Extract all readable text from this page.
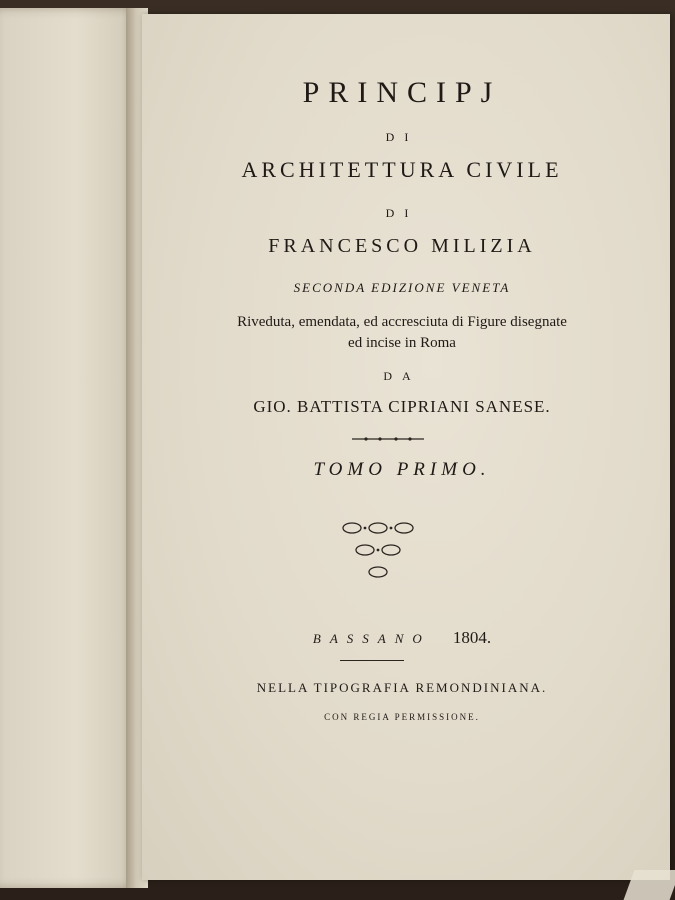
PRINCIPJ
DI
ARCHITETTURA CIVILE
DI
FRANCESCO MILIZIA
SECONDA EDIZIONE VENETA
Riveduta, emendata, ed accresciuta di Figure disegnate
ed incise in Roma
DA
GIO. BATTISTA CIPRIANI SANESE.
TOMO PRIMO.
BASSANO 1804.
NELLA TIPOGRAFIA REMONDINIANA.
CON REGIA PERMISSIONE.
